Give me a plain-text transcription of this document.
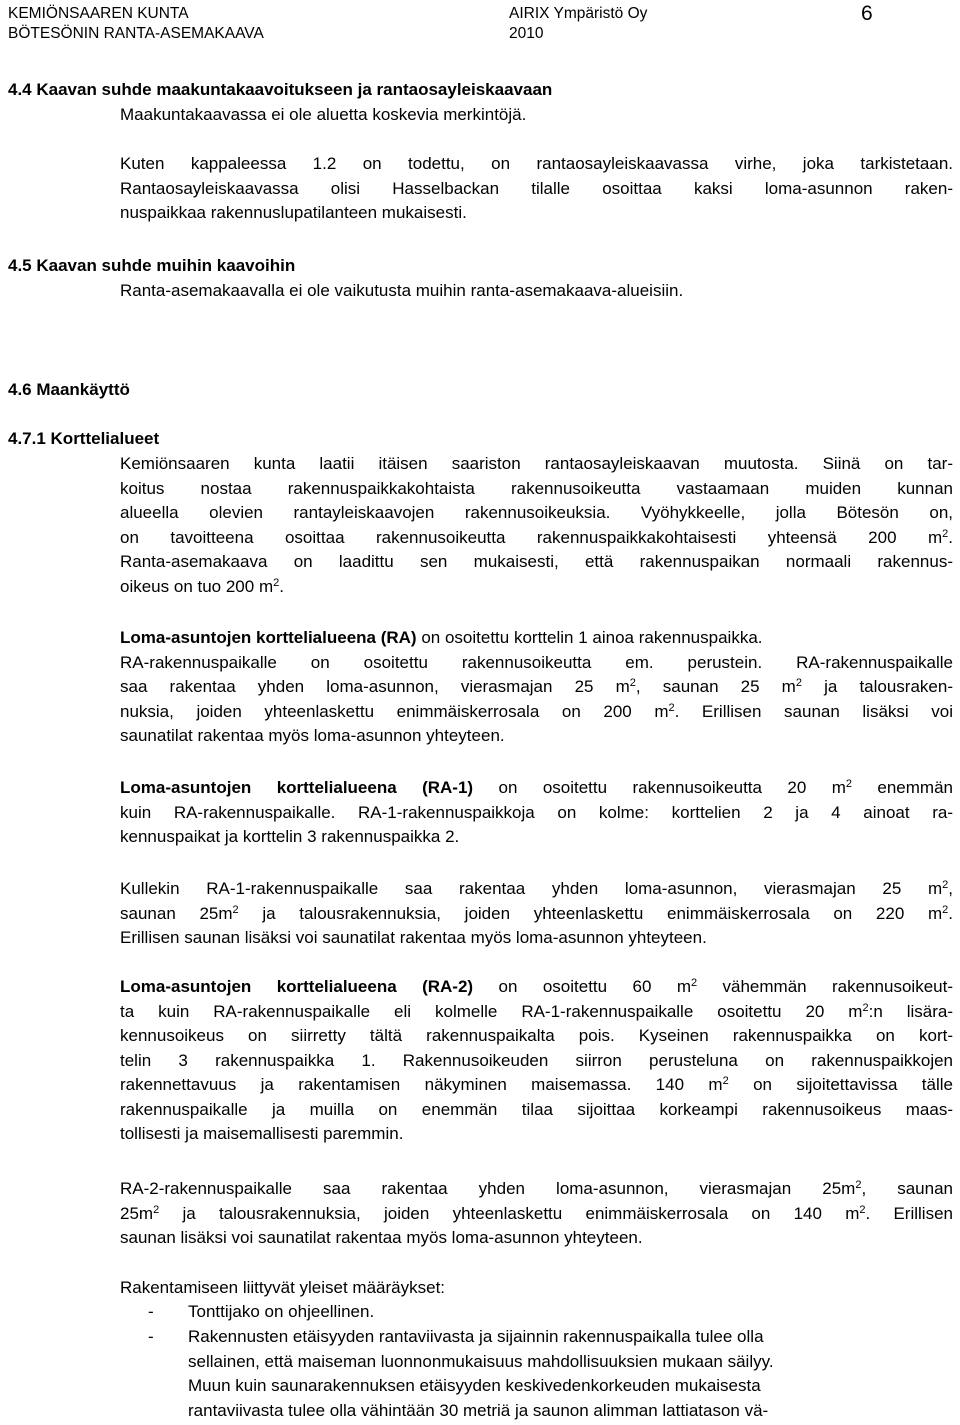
KEMIÖNSAAREN KUNTA
BÖTESÖNIN RANTA-ASEMAKAAVA
AIRIX Ympäristö Oy
2010
6
4.4 Kaavan suhde maakuntakaavoitukseen ja rantaosayleiskaavaan
Maakuntakaavassa ei ole aluetta koskevia merkintöjä.
Kuten kappaleessa 1.2 on todettu, on rantaosayleiskaavassa virhe, joka tarkistetaan.
Rantaosayleiskaavassa olisi Hasselbackan tilalle osoittaa kaksi loma-asunnon raken-
nuspaikkaa rakennuslupatilanteen mukaisesti.
4.5 Kaavan suhde muihin kaavoihin
Ranta-asemakaavalla ei ole vaikutusta muihin ranta-asemakaava-alueisiin.
4.6 Maankäyttö
4.7.1 Korttelialueet
Kemiönsaaren kunta laatii itäisen saariston rantaosayleiskaavan muutosta. Siinä on tar-
koitus nostaa rakennuspaikkakohtaista rakennusoikeutta vastaamaan muiden kunnan
alueella olevien rantayleiskaavojen rakennusoikeuksia. Vyöhykkeelle, jolla Bötesön on,
on tavoitteena osoittaa rakennusoikeutta rakennuspaikkakohtaisesti yhteensä 200 $m^2$.
Ranta-asemakaava on laadittu sen mukaisesti, että rakennuspaikan normaali rakennus-
oikeus on tuo 200 $m^2$.
Loma-asuntojen korttelialueena (RA) on osoitettu korttelin 1 ainoa rakennuspaikka.
RA-rakennuspaikalle on osoitettu rakennusoikeutta em. perustein. RA-rakennuspaikalle
saa rakentaa yhden loma-asunnon, vierasmajan 25 $m^2$, saunan 25 $m^2$ ja talousraken-
nuksia, joiden yhteenlaskettu enimmäiskerrosala on 200 $m^2$. Erillisen saunan lisäksi voi
saunatilat rakentaa myös loma-asunnon yhteyteen.
Loma-asuntojen korttelialueena (RA-1) on osoitettu rakennusoikeutta 20 $m^2$ enemmän
kuin RA-rakennuspaikalle. RA-1-rakennuspaikkoja on kolme: korttelien 2 ja 4 ainoat ra-
kennuspaikat ja korttelin 3 rakennuspaikka 2.
Kullekin RA-1-rakennuspaikalle saa rakentaa yhden loma-asunnon, vierasmajan 25 $m^2$,
saunan $25m^2$ ja talousrakennuksia, joiden yhteenlaskettu enimmäiskerrosala on 220 $m^2$.
Erillisen saunan lisäksi voi saunatilat rakentaa myös loma-asunnon yhteyteen.
Loma-asuntojen korttelialueena (RA-2) on osoitettu 60 $m^2$ vähemmän rakennusoikeut-
ta kuin RA-rakennuspaikalle eli kolmelle RA-1-rakennuspaikalle osoitettu 20 $m^2:n$ lisära-
kennusoikeus on siirretty tältä rakennuspaikalta pois. Kyseinen rakennuspaikka on kort-
telin 3 rakennuspaikka 1. Rakennusoikeuden siirron perusteluna on rakennuspaikkojen
rakennettavuus ja rakentamisen näkyminen maisemassa. 140 $m^2$ on sijoitettavissa tälle
rakennuspaikalle ja muilla on enemmän tilaa sijoittaa korkeampi rakennusoikeus maas-
tollisesti ja maisemallisesti paremmin.
RA-2-rakennuspaikalle saa rakentaa yhden loma-asunnon, vierasmajan $25m^2$, saunan
$25m^2$ ja talousrakennuksia, joiden yhteenlaskettu enimmäiskerrosala on 140 $m^2$. Erillisen
saunan lisäksi voi saunatilat rakentaa myös loma-asunnon yhteyteen.
Rakentamiseen liittyvät yleiset määräykset:
- Tonttijako on ohjeellinen.
- Rakennusten etäisyyden rantaviivasta ja sijainnin rakennuspaikalla tulee olla
sellainen, että maiseman luonnonmukaisuus mahdollisuuksien mukaan säilyy.
Muun kuin saunarakennuksen etäisyyden keskivedenkorkeuden mukaisesta
rantaviivasta tulee olla vähintään 30 metriä ja saunon alimman lattiatason vä-
